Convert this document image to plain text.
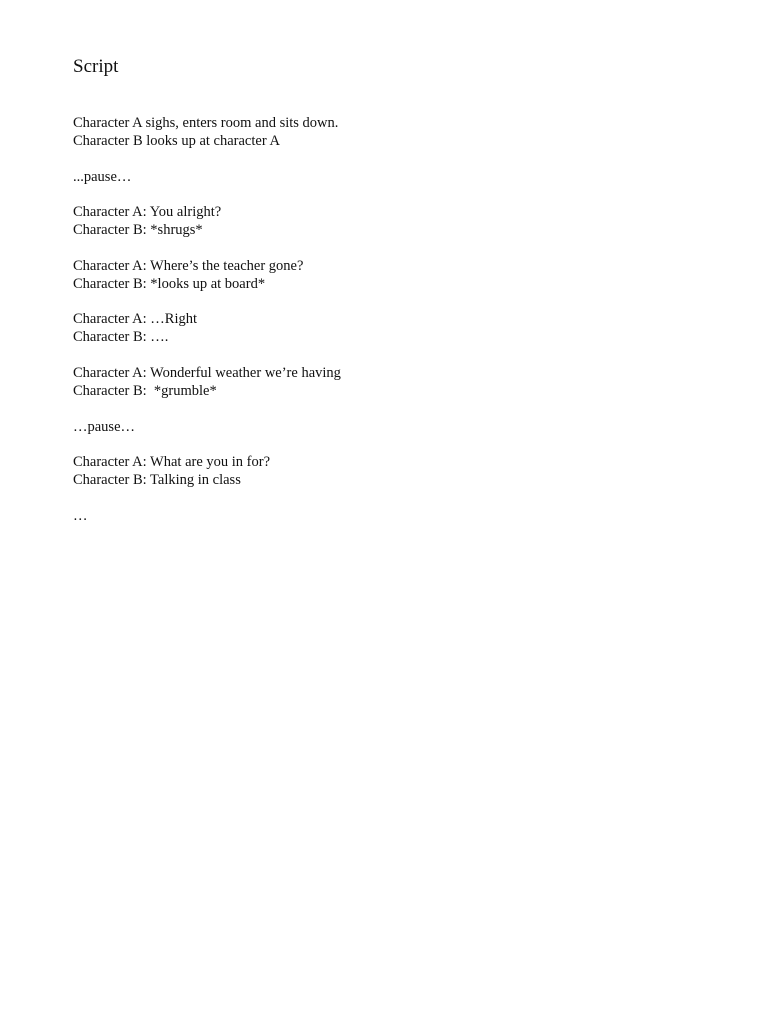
Script

Character A sighs, enters room and sits down.

Character B looks up at character A

...pause…

Character A: You alright?

Character B: *shrugs*

Character A: Where’s the teacher gone?

Character B: *looks up at board*

Character A: …Right

Character B: ….

Character A: Wonderful weather we’re having

Character B:  *grumble*

…pause…

Character A: What are you in for?

Character B: Talking in class

…
